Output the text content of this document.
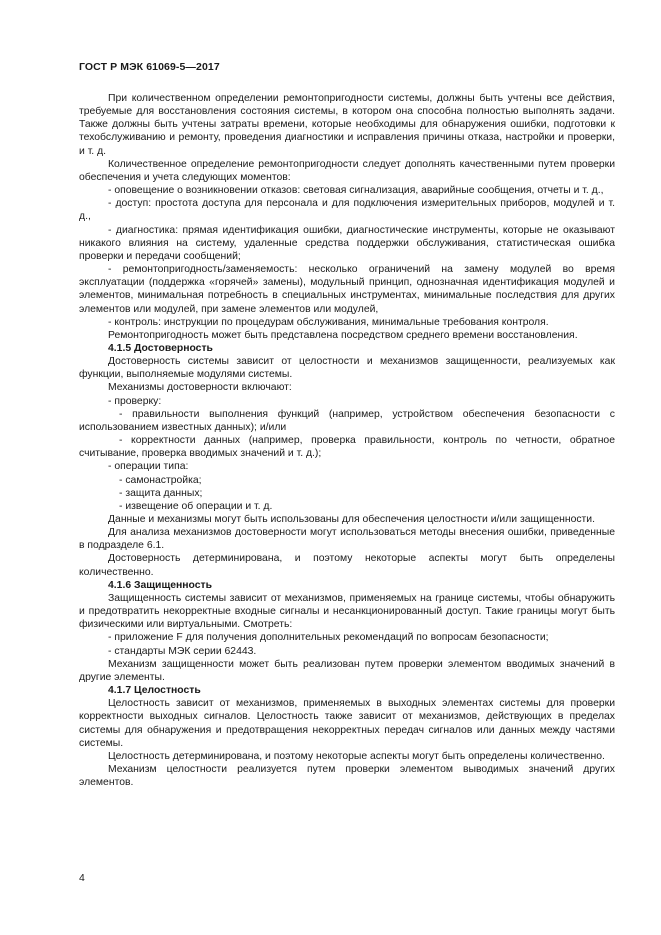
ГОСТ Р МЭК 61069-5—2017

При количественном определении ремонтопригодности системы, должны быть учтены все действия, требуемые для восстановления состояния системы, в котором она способна полностью выполнять задачи. Также должны быть учтены затраты времени, которые необходимы для обнаружения ошибки, подготовки к техобслуживанию и ремонту, проведения диагностики и исправления причины отказа, настройки и проверки, и т. д.

Количественное определение ремонтопригодности следует дополнять качественными путем проверки обеспечения и учета следующих моментов:

- оповещение о возникновении отказов: световая сигнализация, аварийные сообщения, отчеты и т. д.,

- доступ: простота доступа для персонала и для подключения измерительных приборов, модулей и т. д.,

- диагностика: прямая идентификация ошибки, диагностические инструменты, которые не оказывают никакого влияния на систему, удаленные средства поддержки обслуживания, статистическая ошибка проверки и передачи сообщений;

- ремонтопригодность/заменяемость: несколько ограничений на замену модулей во время эксплуатации (поддержка «горячей» замены), модульный принцип, однозначная идентификация модулей и элементов, минимальная потребность в специальных инструментах, минимальные последствия для других элементов или модулей, при замене элементов или модулей,

- контроль: инструкции по процедурам обслуживания, минимальные требования контроля.

Ремонтопригодность может быть представлена посредством среднего времени восстановления.

4.1.5 Достоверность

Достоверность системы зависит от целостности и механизмов защищенности, реализуемых как функции, выполняемые модулями системы.

Механизмы достоверности включают:

- проверку:

- правильности выполнения функций (например, устройством обеспечения безопасности с использованием известных данных); и/или

- корректности данных (например, проверка правильности, контроль по четности, обратное считывание, проверка вводимых значений и т. д.);

- операции типа:

- самонастройка;

- защита данных;

- извещение об операции и т. д.

Данные и механизмы могут быть использованы для обеспечения целостности и/или защищенности.

Для анализа механизмов достоверности могут использоваться методы внесения ошибки, приведенные в подразделе 6.1.

Достоверность детерминирована, и поэтому некоторые аспекты могут быть определены количественно.

4.1.6 Защищенность

Защищенность системы зависит от механизмов, применяемых на границе системы, чтобы обнаружить и предотвратить некорректные входные сигналы и несанкционированный доступ. Такие границы могут быть физическими или виртуальными. Смотреть:

- приложение F для получения дополнительных рекомендаций по вопросам безопасности;

- стандарты МЭК серии 62443.

Механизм защищенности может быть реализован путем проверки элементом вводимых значений в другие элементы.

4.1.7 Целостность

Целостность зависит от механизмов, применяемых в выходных элементах системы для проверки корректности выходных сигналов. Целостность также зависит от механизмов, действующих в пределах системы для обнаружения и предотвращения некорректных передач сигналов или данных между частями системы.

Целостность детерминирована, и поэтому некоторые аспекты могут быть определены количественно.

Механизм целостности реализуется путем проверки элементом выводимых значений других элементов.

4
